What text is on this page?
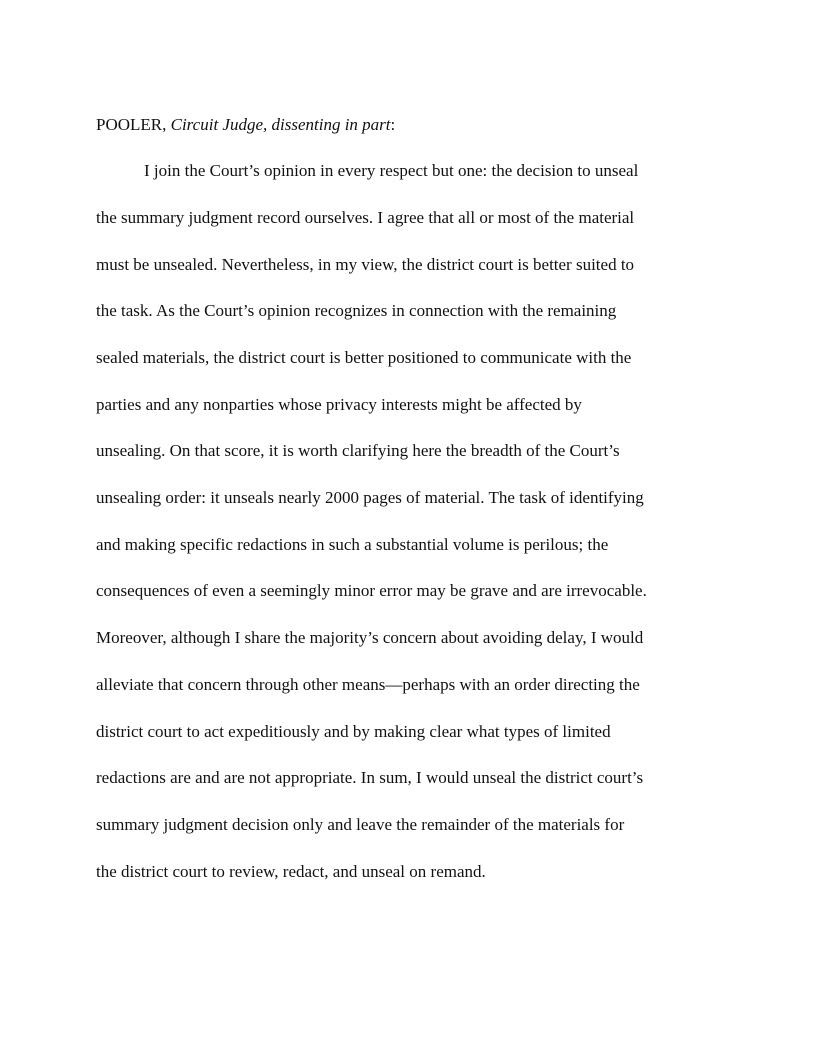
POOLER, Circuit Judge, dissenting in part:
I join the Court’s opinion in every respect but one: the decision to unseal
the summary judgment record ourselves. I agree that all or most of the material
must be unsealed. Nevertheless, in my view, the district court is better suited to
the task. As the Court’s opinion recognizes in connection with the remaining
sealed materials, the district court is better positioned to communicate with the
parties and any nonparties whose privacy interests might be affected by
unsealing. On that score, it is worth clarifying here the breadth of the Court’s
unsealing order: it unseals nearly 2000 pages of material. The task of identifying
and making specific redactions in such a substantial volume is perilous; the
consequences of even a seemingly minor error may be grave and are irrevocable.
Moreover, although I share the majority’s concern about avoiding delay, I would
alleviate that concern through other means—perhaps with an order directing the
district court to act expeditiously and by making clear what types of limited
redactions are and are not appropriate. In sum, I would unseal the district court’s
summary judgment decision only and leave the remainder of the materials for
the district court to review, redact, and unseal on remand.
